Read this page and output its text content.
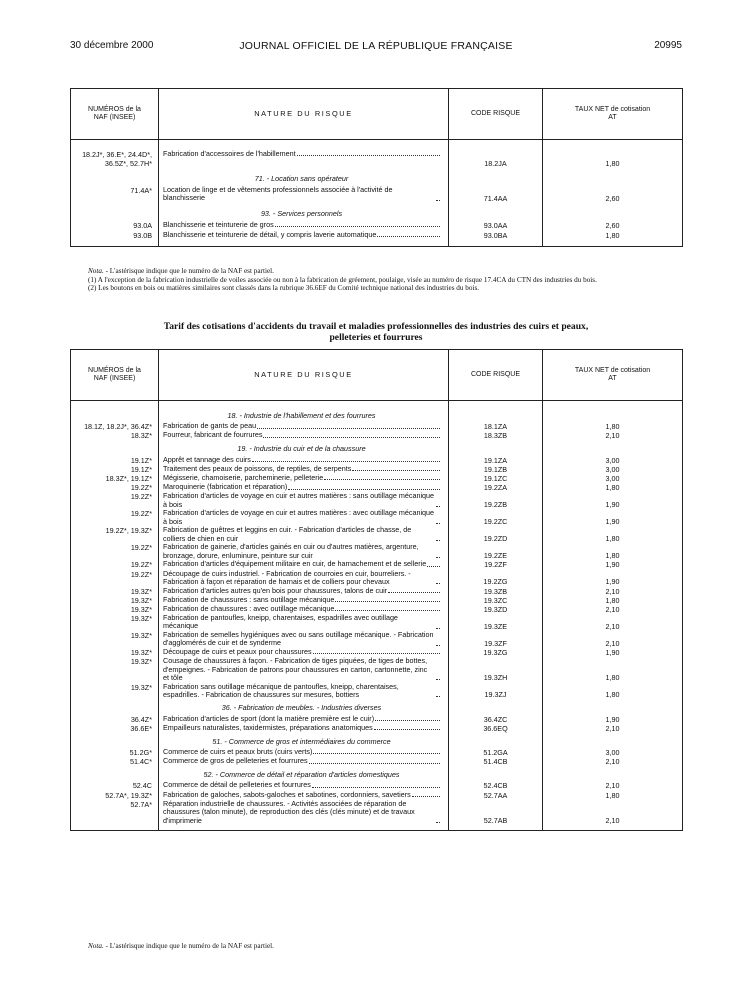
30 décembre 2000	JOURNAL OFFICIEL DE LA RÉPUBLIQUE FRANÇAISE	20995
NUMÉROS de la NAF (INSEE)	NATURE DU RISQUE	CODE RISQUE	TAUX NET de cotisation AT
18.2J*, 36.E*, 24.4D*, 36.5Z*, 52.7H*	Fabrication d'accessoires de l'habillement	18.2JA	1,80
	71. - Location sans opérateur		
71.4A*	Location de linge et de vêtements professionnels associée à l'activité de blanchisserie	71.4AA	2,60
	93. - Services personnels		
93.0A	Blanchisserie et teinturerie de gros	93.0AA	2,60
93.0B	Blanchisserie et teinturerie de détail, y compris laverie automatique	93.0BA	1,80
Nota. - L'astérisque indique que le numéro de la NAF est partiel.
(1) A l'exception de la fabrication industrielle de voiles associée ou non à la fabrication de gréement, poulaige, visée au numéro de risque 17.4CA du CTN des industries du bois.
(2) Les boutons en bois ou matières similaires sont classés dans la rubrique 36.6EF du Comité technique national des industries du bois.
Tarif des cotisations d'accidents du travail et maladies professionnelles des industries des cuirs et peaux,
pelleteries et fourrures
NUMÉROS de la NAF (INSEE)	NATURE DU RISQUE	CODE RISQUE	TAUX NET de cotisation AT
	18. - Industrie de l'habillement et des fourrures		
18.1Z, 18.2J*, 36.4Z*	Fabrication de gants de peau	18.1ZA	1,80
18.3Z*	Fourreur, fabricant de fourrures	18.3ZB	2,10
	19. - Industrie du cuir et de la chaussure		
19.1Z*	Apprêt et tannage des cuirs	19.1ZA	3,00
19.1Z*	Traitement des peaux de poissons, de reptiles, de serpents	19.1ZB	3,00
18.3Z*, 19.1Z*	Mégisserie, chamoiserie, parcheminerie, pelleterie	19.1ZC	3,00
19.2Z*	Maroquinerie (fabrication et réparation)	19.2ZA	1,80
19.2Z*	Fabrication d'articles de voyage en cuir et autres matières : sans outillage mécanique à bois	19.2ZB	1,90
19.2Z*	Fabrication d'articles de voyage en cuir et autres matières : avec outillage mécanique à bois	19.2ZC	1,90
19.2Z*, 19.3Z*	Fabrication de guêtres et leggins en cuir. - Fabrication d'articles de chasse, de colliers de chien en cuir	19.2ZD	1,80
19.2Z*	Fabrication de gainerie, d'articles gainés en cuir ou d'autres matières, argenture, bronzage, dorure, enluminure, peinture sur cuir	19.2ZE	1,80
19.2Z*	Fabrication d'articles d'équipement militaire en cuir, de harnachement et de sellerie	19.2ZF	1,90
19.2Z*	Découpage de cuirs industriel. - Fabrication de courroies en cuir, bourreliers. - Fabrication à façon et réparation de harnais et de colliers pour chevaux	19.2ZG	1,90
19.3Z*	Fabrication d'articles autres qu'en bois pour chaussures, talons de cuir	19.3ZB	2,10
19.3Z*	Fabrication de chaussures : sans outillage mécanique	19.3ZC	1,80
19.3Z*	Fabrication de chaussures : avec outillage mécanique	19.3ZD	2,10
19.3Z*	Fabrication de pantoufles, kneipp, charentaises, espadrilles avec outillage mécanique	19.3ZE	2,10
19.3Z*	Fabrication de semelles hygiéniques avec ou sans outillage mécanique. - Fabrication d'agglomérés de cuir et de synderme	19.3ZF	2,10
19.3Z*	Découpage de cuirs et peaux pour chaussures	19.3ZG	1,90
19.3Z*	Cousage de chaussures à façon. - Fabrication de tiges piquées, de tiges de bottes, d'empeignes. - Fabrication de patrons pour chaussures en carton, cartonnette, zinc et tôle	19.3ZH	1,80
19.3Z*	Fabrication sans outillage mécanique de pantoufles, kneipp, charentaises, espadrilles. - Fabrication de chaussures sur mesures, bottiers	19.3ZJ	1,80
	36. - Fabrication de meubles. - Industries diverses		
36.4Z*	Fabrication d'articles de sport (dont la matière première est le cuir)	36.4ZC	1,90
36.6E*	Empailleurs naturalistes, taxidermistes, préparations anatomiques	36.6EQ	2,10
	51. - Commerce de gros et intermédiaires du commerce		
51.2G*	Commerce de cuirs et peaux bruts (cuirs verts)	51.2GA	3,00
51.4C*	Commerce de gros de pelleteries et fourrures	51.4CB	2,10
	52. - Commerce de détail et réparation d'articles domestiques		
52.4C	Commerce de détail de pelleteries et fourrures	52.4CB	2,10
52.7A*, 19.3Z*	Fabrication de galoches, sabots-galoches et sabotines, cordonniers, savetiers	52.7AA	1,80
52.7A*	Réparation industrielle de chaussures. - Activités associées de réparation de chaussures (talon minute), de reproduction des clés (clés minute) et de travaux d'imprimerie	52.7AB	2,10
Nota. - L'astérisque indique que le numéro de la NAF est partiel.
